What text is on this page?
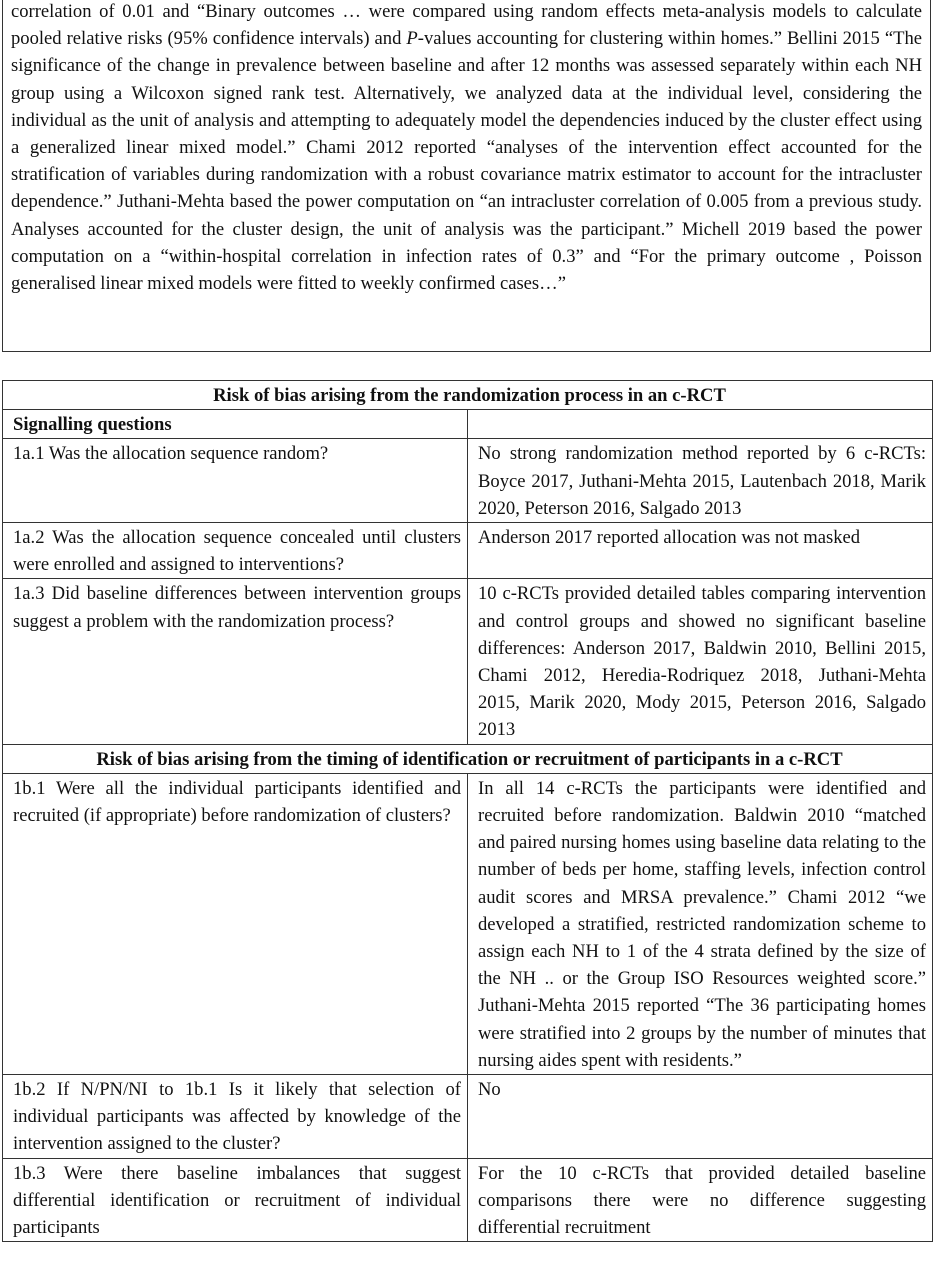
correlation of 0.01 and “Binary outcomes … were compared using random effects meta-analysis models to calculate pooled relative risks (95% confidence intervals) and P-values accounting for clustering within homes.” Bellini 2015 “The significance of the change in prevalence between baseline and after 12 months was assessed separately within each NH group using a Wilcoxon signed rank test. Alternatively, we analyzed data at the individual level, considering the individual as the unit of analysis and attempting to adequately model the dependencies induced by the cluster effect using a generalized linear mixed model.” Chami 2012 reported “analyses of the intervention effect accounted for the stratification of variables during randomization with a robust covariance matrix estimator to account for the intracluster dependence.” Juthani-Mehta based the power computation on “an intracluster correlation of 0.005 from a previous study. Analyses accounted for the cluster design, the unit of analysis was the participant.” Michell 2019 based the power computation on a “within-hospital correlation in infection rates of 0.3” and “For the primary outcome , Poisson generalised linear mixed models were fitted to weekly confirmed cases…”

Risk of bias arising from the randomization process in an c-RCT	
Signalling questions	
1a.1 Was the allocation sequence random?	No strong randomization method reported by 6 c-RCTs: Boyce 2017, Juthani-Mehta 2015, Lautenbach 2018, Marik 2020, Peterson 2016, Salgado 2013
1a.2 Was the allocation sequence concealed until clusters were enrolled and assigned to interventions?	Anderson 2017 reported allocation was not masked
1a.3 Did baseline differences between intervention groups suggest a problem with the randomization process?	10 c-RCTs provided detailed tables comparing intervention and control groups and showed no significant baseline differences: Anderson 2017, Baldwin 2010, Bellini 2015, Chami 2012, Heredia-Rodriquez 2018, Juthani-Mehta 2015, Marik 2020, Mody 2015, Peterson 2016, Salgado 2013
Risk of bias arising from the timing of identification or recruitment of participants in a c-RCT	
1b.1 Were all the individual participants identified and recruited (if appropriate) before randomization of clusters?	In all 14 c-RCTs the participants were identified and recruited before randomization. Baldwin 2010 “matched and paired nursing homes using baseline data relating to the number of beds per home, staffing levels, infection control audit scores and MRSA prevalence.” Chami 2012 “we developed a stratified, restricted randomization scheme to assign each NH to 1 of the 4 strata defined by the size of the NH .. or the Group ISO Resources weighted score.” Juthani-Mehta 2015 reported “The 36 participating homes were stratified into 2 groups by the number of minutes that nursing aides spent with residents.”
1b.2 If N/PN/NI to 1b.1 Is it likely that selection of individual participants was affected by knowledge of the intervention assigned to the cluster?	No
1b.3 Were there baseline imbalances that suggest differential identification or recruitment of individual participants	For the 10 c-RCTs that provided detailed baseline comparisons there were no difference suggesting differential recruitment
